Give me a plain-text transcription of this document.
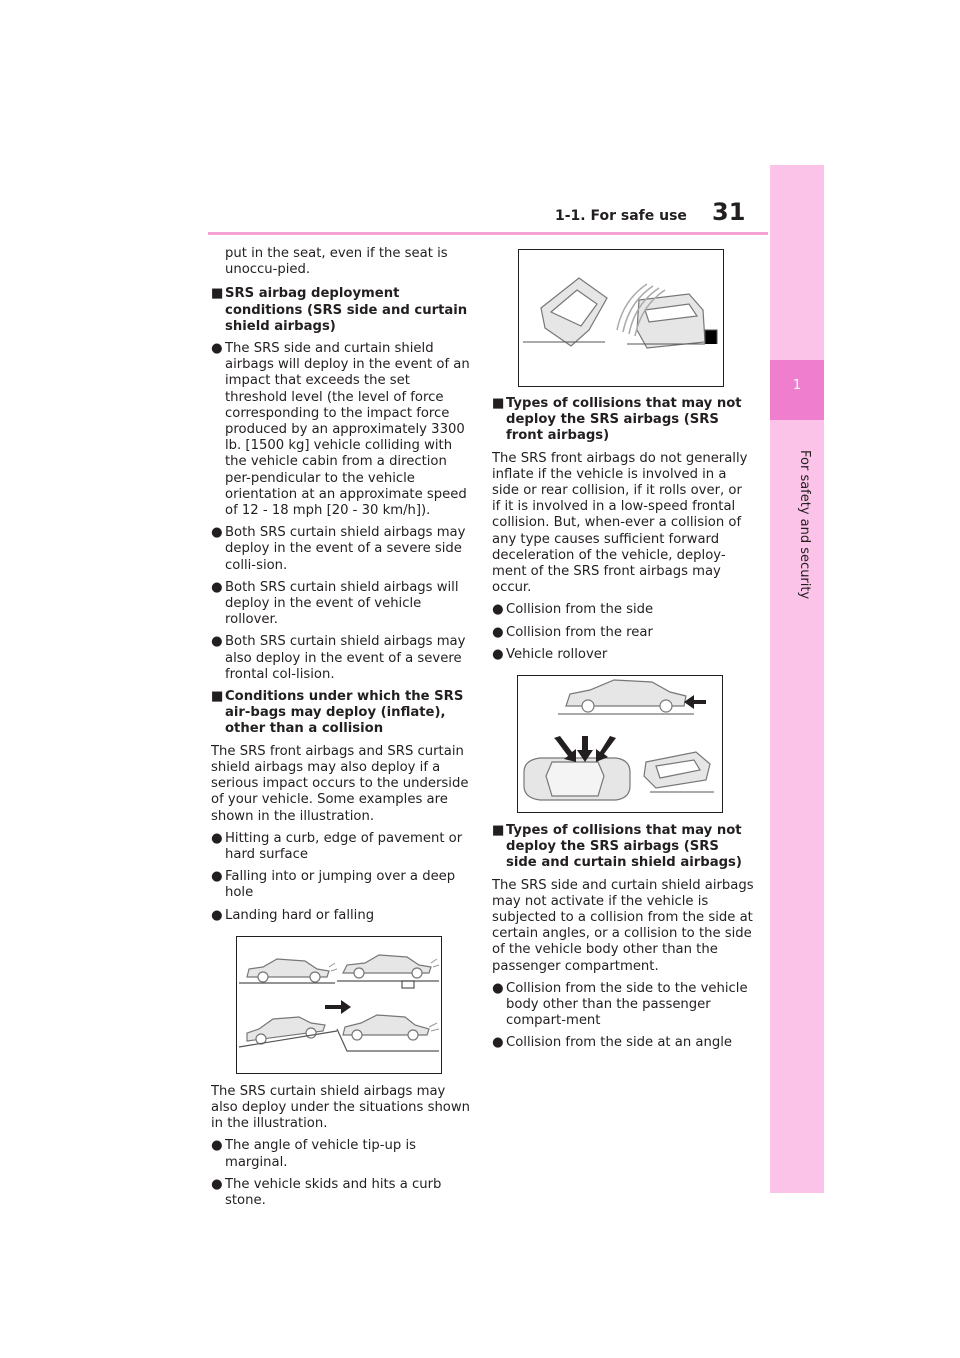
1-1. For safe use 31
1
For safety and security
put in the seat, even if the seat is unoccu-pied.
■ SRS airbag deployment conditions (SRS side and curtain shield airbags)
● The SRS side and curtain shield airbags will deploy in the event of an impact that exceeds the set threshold level (the level of force corresponding to the impact force produced by an approximately 3300 lb. [1500 kg] vehicle colliding with the vehicle cabin from a direction per-pendicular to the vehicle orientation at an approximate speed of 12 - 18 mph [20 - 30 km/h]).
● Both SRS curtain shield airbags may deploy in the event of a severe side colli-sion.
● Both SRS curtain shield airbags will deploy in the event of vehicle rollover.
● Both SRS curtain shield airbags may also deploy in the event of a severe frontal col-lision.
■ Conditions under which the SRS air-bags may deploy (inflate), other than a collision

The SRS front airbags and SRS curtain shield airbags may also deploy if a serious impact occurs to the underside of your vehicle. Some examples are shown in the illustration.

● Hitting a curb, edge of pavement or hard surface
● Falling into or jumping over a deep hole
● Landing hard or falling

The SRS curtain shield airbags may also deploy under the situations shown in the illustration.

● The angle of vehicle tip-up is marginal.
● The vehicle skids and hits a curb stone.
■ Types of collisions that may not deploy the SRS airbags (SRS front airbags)

The SRS front airbags do not generally inflate if the vehicle is involved in a side or rear collision, if it rolls over, or if it is involved in a low-speed frontal collision. But, when-ever a collision of any type causes sufficient forward deceleration of the vehicle, deploy-ment of the SRS front airbags may occur.

● Collision from the side
● Collision from the rear
● Vehicle rollover
■ Types of collisions that may not deploy the SRS airbags (SRS side and curtain shield airbags)

The SRS side and curtain shield airbags may not activate if the vehicle is subjected to a collision from the side at certain angles, or a collision to the side of the vehicle body other than the passenger compartment.

● Collision from the side to the vehicle body other than the passenger compart-ment
● Collision from the side at an angle
